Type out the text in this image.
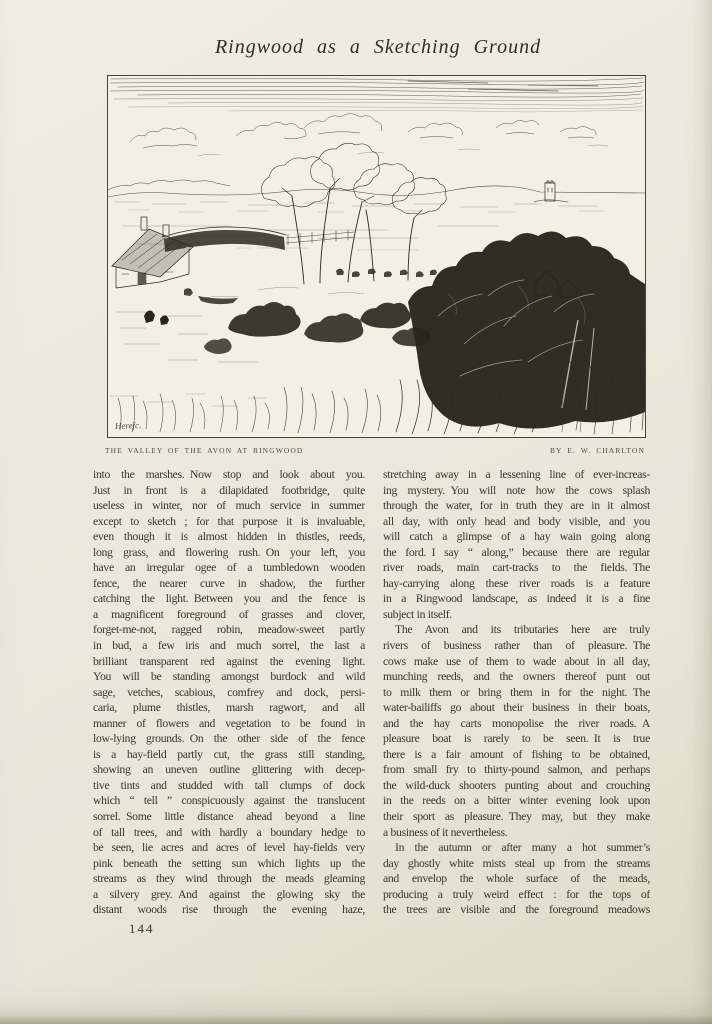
Ringwood as a Sketching Ground
Herefc.
THE VALLEY OF THE AVON AT RINGWOOD	BY E. W. CHARLTON
into the marshes. Now stop and look about you.
Just in front is a dilapidated footbridge, quite
useless in winter, nor of much service in summer
except to sketch ; for that purpose it is invaluable,
even though it is almost hidden in thistles, reeds,
long grass, and flowering rush. On your left, you
have an irregular ogee of a tumbledown wooden
fence, the nearer curve in shadow, the further
catching the light. Between you and the fence is
a magnificent foreground of grasses and clover,
forget-me-not, ragged robin, meadow-sweet partly
in bud, a few iris and much sorrel, the last a
brilliant transparent red against the evening light.
You will be standing amongst burdock and wild
sage, vetches, scabious, comfrey and dock, persi-
caria, plume thistles, marsh ragwort, and all
manner of flowers and vegetation to be found in
low-lying grounds. On the other side of the fence
is a hay-field partly cut, the grass still standing,
showing an uneven outline glittering with decep-
tive tints and studded with tall clumps of dock
which “ tell ” conspicuously against the translucent
sorrel. Some little distance ahead beyond a line
of tall trees, and with hardly a boundary hedge to
be seen, lie acres and acres of level hay-fields very
pink beneath the setting sun which lights up the
streams as they wind through the meads gleaming
a silvery grey. And against the glowing sky the
distant woods rise through the evening haze,
stretching away in a lessening line of ever-increas-
ing mystery. You will note how the cows splash
through the water, for in truth they are in it almost
all day, with only head and body visible, and you
will catch a glimpse of a hay wain going along
the ford. I say “ along,” because there are regular
river roads, main cart-tracks to the fields. The
hay-carrying along these river roads is a feature
in a Ringwood landscape, as indeed it is a fine
subject in itself.
The Avon and its tributaries here are truly
rivers of business rather than of pleasure. The
cows make use of them to wade about in all day,
munching reeds, and the owners thereof punt out
to milk them or bring them in for the night. The
water-bailiffs go about their business in their boats,
and the hay carts monopolise the river roads. A
pleasure boat is rarely to be seen. It is true
there is a fair amount of fishing to be obtained,
from small fry to thirty-pound salmon, and perhaps
the wild-duck shooters punting about and crouching
in the reeds on a bitter winter evening look upon
their sport as pleasure. They may, but they make
a business of it nevertheless.
In the autumn or after many a hot summer’s
day ghostly white mists steal up from the streams
and envelop the whole surface of the meads,
producing a truly weird effect : for the tops of
the trees are visible and the foreground meadows
144
